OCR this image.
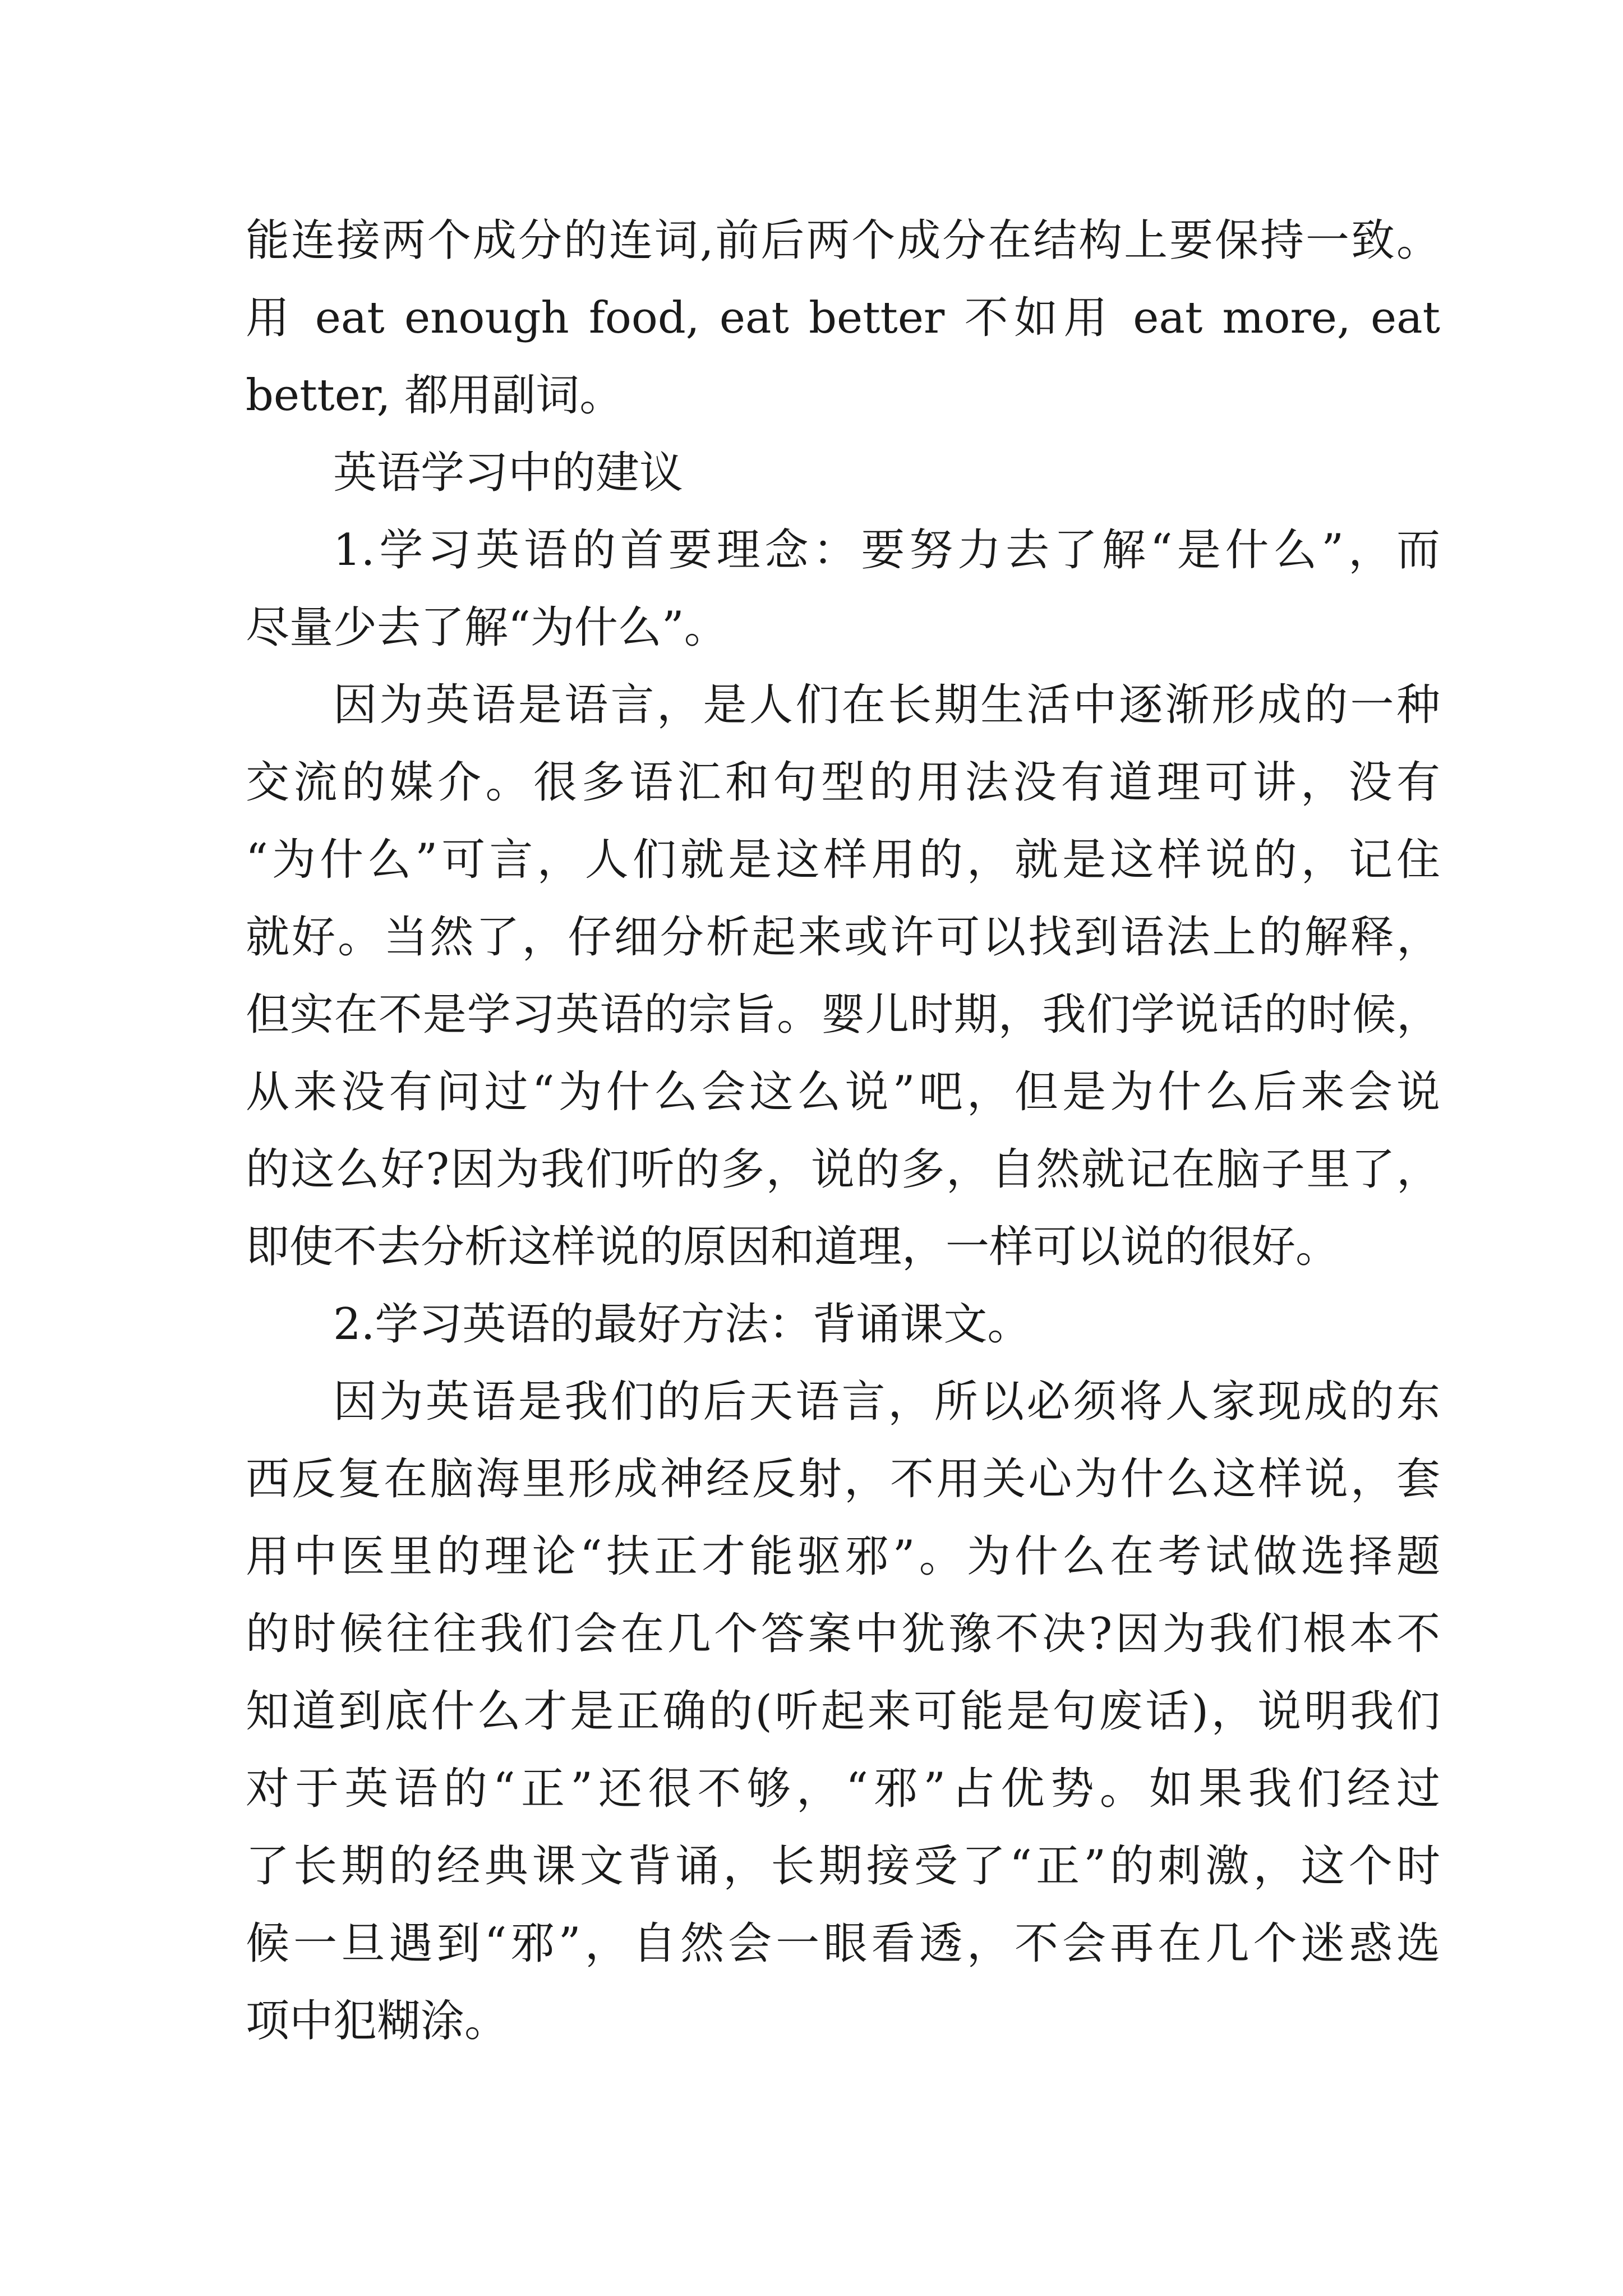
能连接两个成分的连词,前后两个成分在结构上要保持一致。
用 eat enough food, eat better 不如用 eat more, eat
better, 都用副词。
英语学习中的建议
1.学习英语的首要理念：要努力去了解“是什么”，而
尽量少去了解“为什么”。
因为英语是语言，是人们在长期生活中逐渐形成的一种
交流的媒介。很多语汇和句型的用法没有道理可讲，没有
“为什么”可言，人们就是这样用的，就是这样说的，记住
就好。当然了，仔细分析起来或许可以找到语法上的解释，
但实在不是学习英语的宗旨。婴儿时期，我们学说话的时候，
从来没有问过“为什么会这么说”吧，但是为什么后来会说
的这么好?因为我们听的多，说的多，自然就记在脑子里了，
即使不去分析这样说的原因和道理，一样可以说的很好。
2.学习英语的最好方法：背诵课文。
因为英语是我们的后天语言，所以必须将人家现成的东
西反复在脑海里形成神经反射，不用关心为什么这样说，套
用中医里的理论“扶正才能驱邪”。为什么在考试做选择题
的时候往往我们会在几个答案中犹豫不决?因为我们根本不
知道到底什么才是正确的(听起来可能是句废话)，说明我们
对于英语的“正”还很不够，“邪”占优势。如果我们经过
了长期的经典课文背诵，长期接受了“正”的刺激，这个时
候一旦遇到“邪”，自然会一眼看透，不会再在几个迷惑选
项中犯糊涂。
